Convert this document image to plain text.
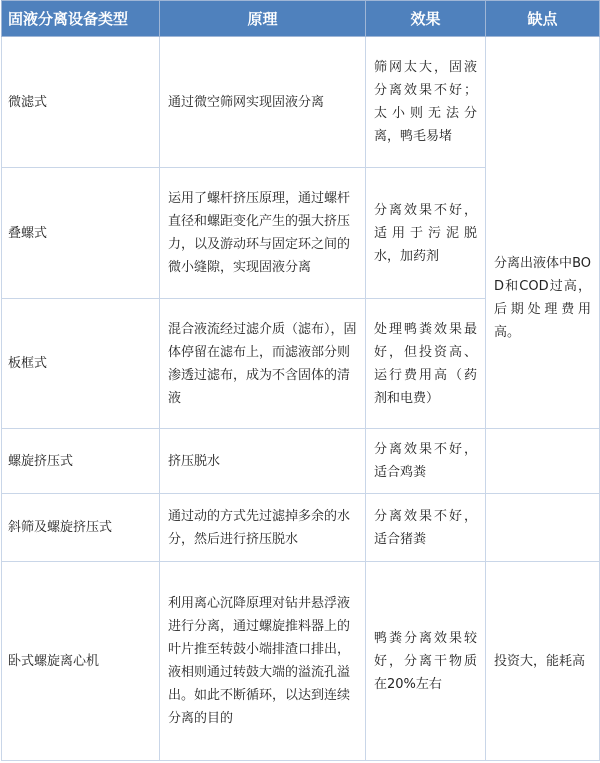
固液分离设备类型	原理	效果	缺点
微滤式	通过微空筛网实现固液分离	筛网太大，固液分离效果不好；太小则无法分离，鸭毛易堵	
叠螺式	运用了螺杆挤压原理，通过螺杆直径和螺距变化产生的强大挤压力，以及游动环与固定环之间的微小缝隙，实现固液分离	分离效果不好，适用于污泥脱水，加药剂	分离出液体中BOD和COD过高，后期处理费用高。
板框式	混合液流经过滤介质（滤布），固体停留在滤布上，而滤液部分则渗透过滤布，成为不含固体的清液	处理鸭粪效果最好，但投资高、运行费用高（药剂和电费）	
螺旋挤压式	挤压脱水	分离效果不好，适合鸡粪	
斜筛及螺旋挤压式	通过动的方式先过滤掉多余的水分，然后进行挤压脱水	分离效果不好，适合猪粪	
卧式螺旋离心机	利用离心沉降原理对钻井悬浮液进行分离，通过螺旋推料器上的叶片推至转鼓小端排渣口排出，液相则通过转鼓大端的溢流孔溢出。如此不断循环，以达到连续分离的目的	鸭粪分离效果较好，分离干物质在20%左右	投资大，能耗高
